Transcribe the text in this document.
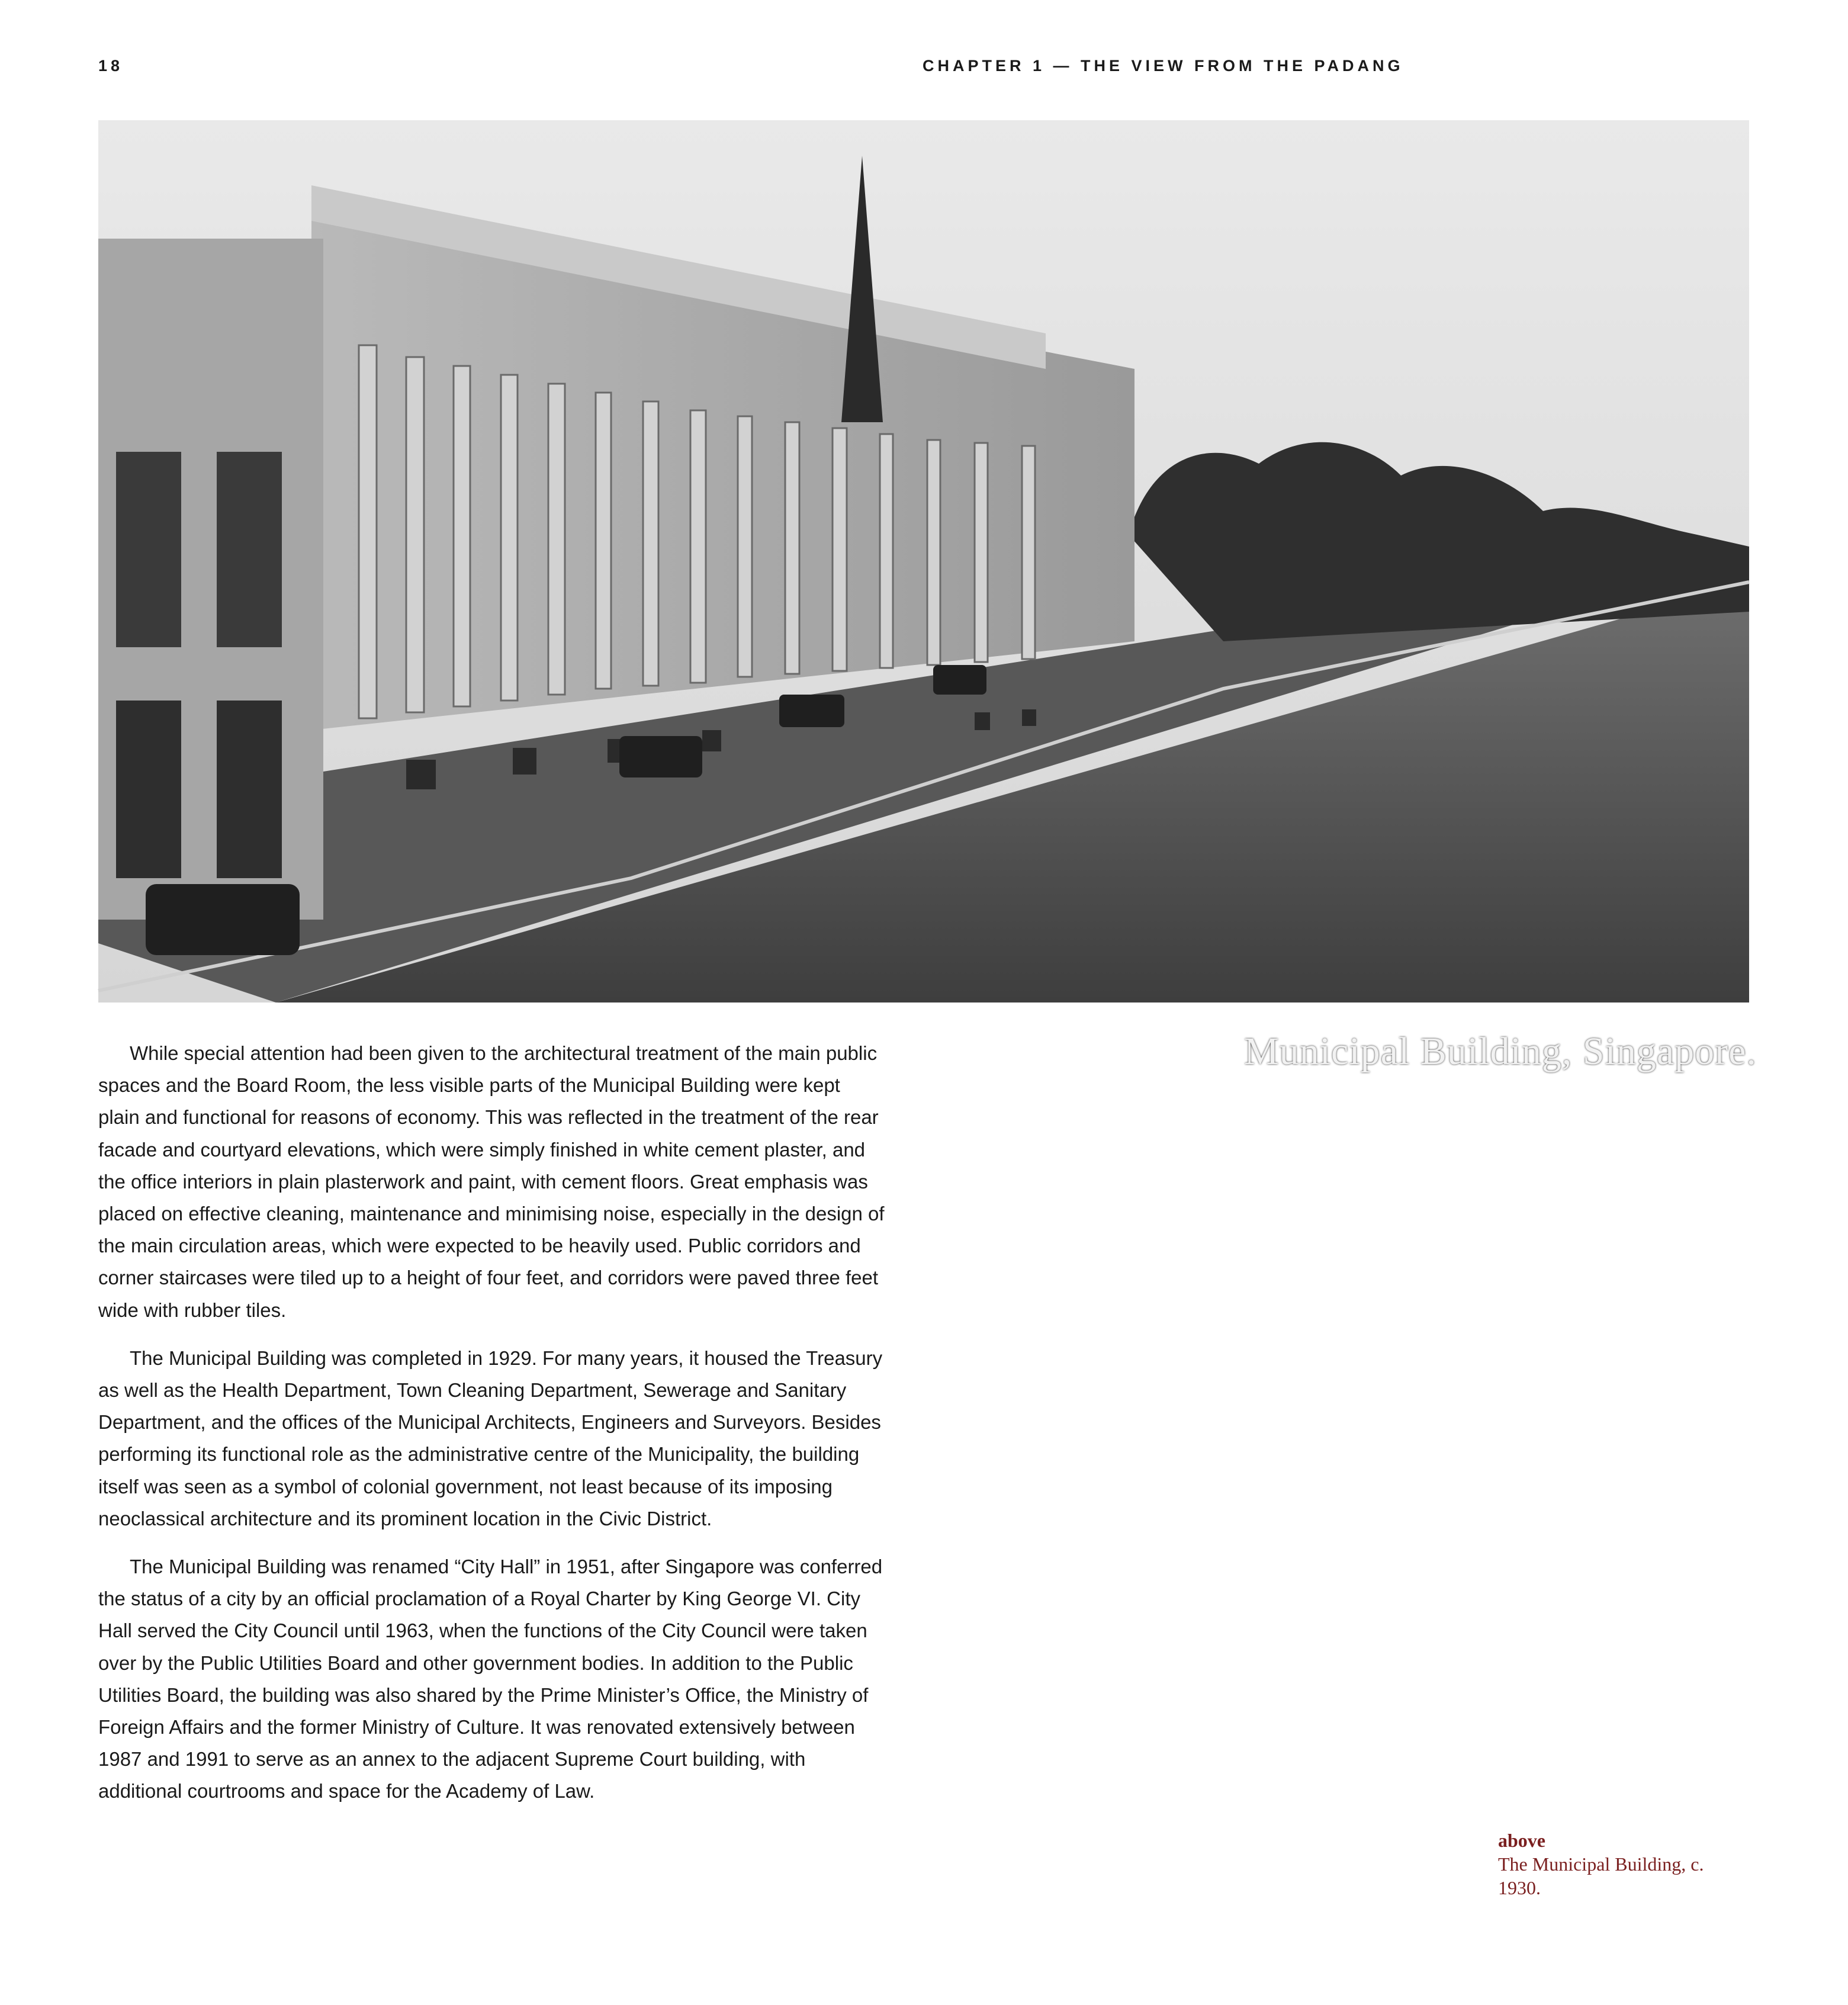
18	CHAPTER 1 — THE VIEW FROM THE PADANG
Municipal Building, Singapore.

While special attention had been given to the architectural treatment of the main public spaces and the Board Room, the less visible parts of the Municipal Building were kept plain and functional for reasons of economy. This was reflected in the treatment of the rear facade and courtyard elevations, which were simply finished in white cement plaster, and the office interiors in plain plasterwork and paint, with cement floors. Great emphasis was placed on effective cleaning, maintenance and minimising noise, especially in the design of the main circulation areas, which were expected to be heavily used. Public corridors and corner staircases were tiled up to a height of four feet, and corridors were paved three feet wide with rubber tiles.

The Municipal Building was completed in 1929. For many years, it housed the Treasury as well as the Health Department, Town Cleaning Department, Sewerage and Sanitary Department, and the offices of the Municipal Architects, Engineers and Surveyors. Besides performing its functional role as the administrative centre of the Municipality, the building itself was seen as a symbol of colonial government, not least because of its imposing neoclassical architecture and its prominent location in the Civic District.

The Municipal Building was renamed “City Hall” in 1951, after Singapore was conferred the status of a city by an official proclamation of a Royal Charter by King George VI. City Hall served the City Council until 1963, when the functions of the City Council were taken over by the Public Utilities Board and other government bodies. In addition to the Public Utilities Board, the building was also shared by the Prime Minister’s Office, the Ministry of Foreign Affairs and the former Ministry of Culture. It was renovated extensively between 1987 and 1991 to serve as an annex to the adjacent Supreme Court building, with additional courtrooms and space for the Academy of Law.

above
The Municipal Building, c. 1930.
